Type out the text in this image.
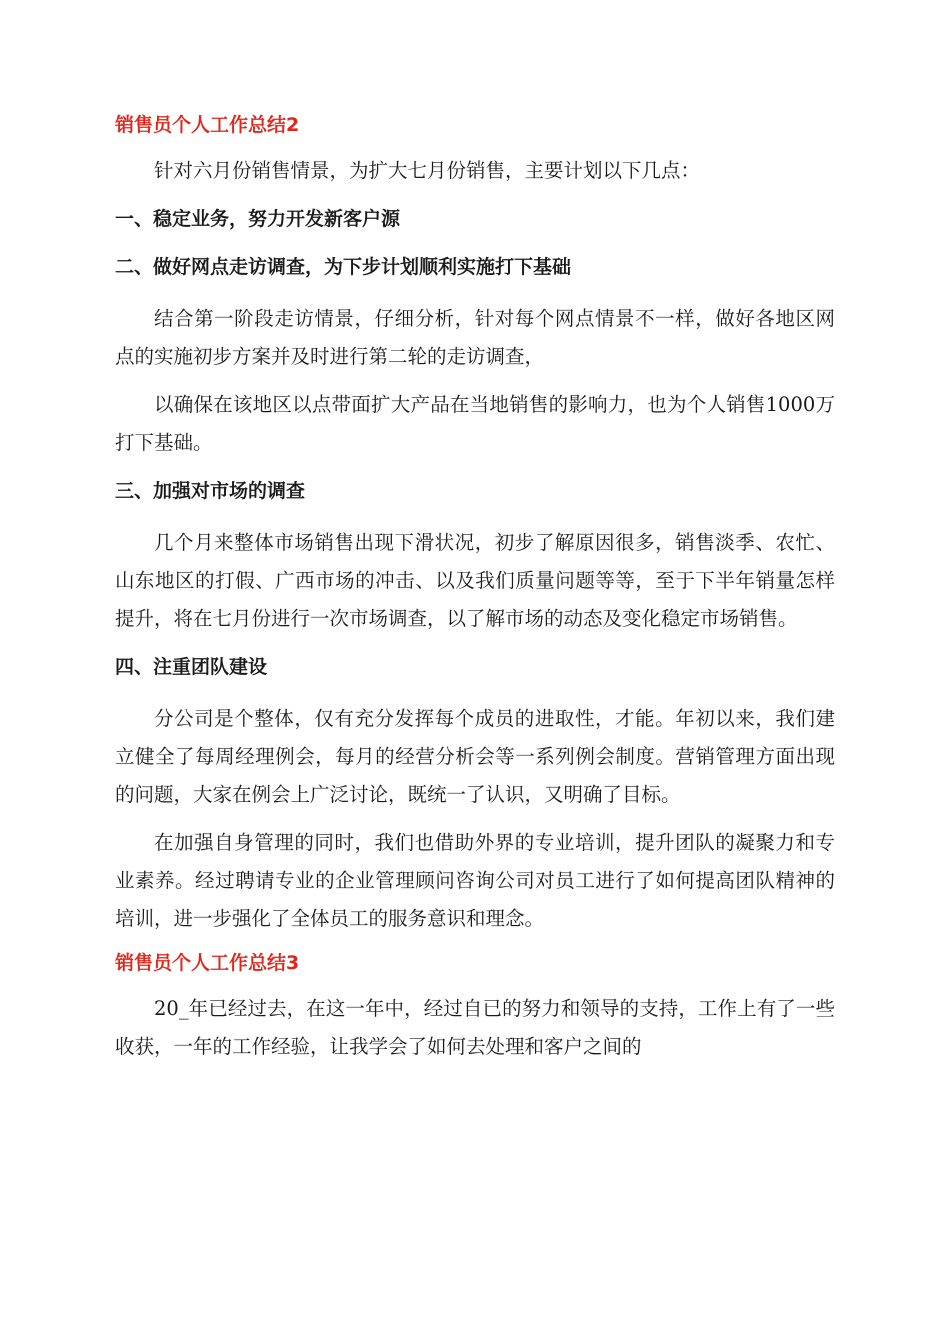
销售员个人工作总结2

针对六月份销售情景，为扩大七月份销售，主要计划以下几点：

一、稳定业务，努力开发新客户源
二、做好网点走访调查，为下步计划顺利实施打下基础

结合第一阶段走访情景，仔细分析，针对每个网点情景不一样，做好各地区网点的实施初步方案并及时进行第二轮的走访调查，

以确保在该地区以点带面扩大产品在当地销售的影响力，也为个人销售1000万打下基础。

三、加强对市场的调查

几个月来整体市场销售出现下滑状况，初步了解原因很多，销售淡季、农忙、山东地区的打假、广西市场的冲击、以及我们质量问题等等，至于下半年销量怎样提升，将在七月份进行一次市场调查，以了解市场的动态及变化稳定市场销售。

四、注重团队建设

分公司是个整体，仅有充分发挥每个成员的进取性，才能。年初以来，我们建立健全了每周经理例会，每月的经营分析会等一系列例会制度。营销管理方面出现的问题，大家在例会上广泛讨论，既统一了认识，又明确了目标。

在加强自身管理的同时，我们也借助外界的专业培训，提升团队的凝聚力和专业素养。经过聘请专业的企业管理顾问咨询公司对员工进行了如何提高团队精神的培训，进一步强化了全体员工的服务意识和理念。

销售员个人工作总结3

20_年已经过去，在这一年中，经过自已的努力和领导的支持，工作上有了一些收获，一年的工作经验，让我学会了如何去处理和客户之间的
